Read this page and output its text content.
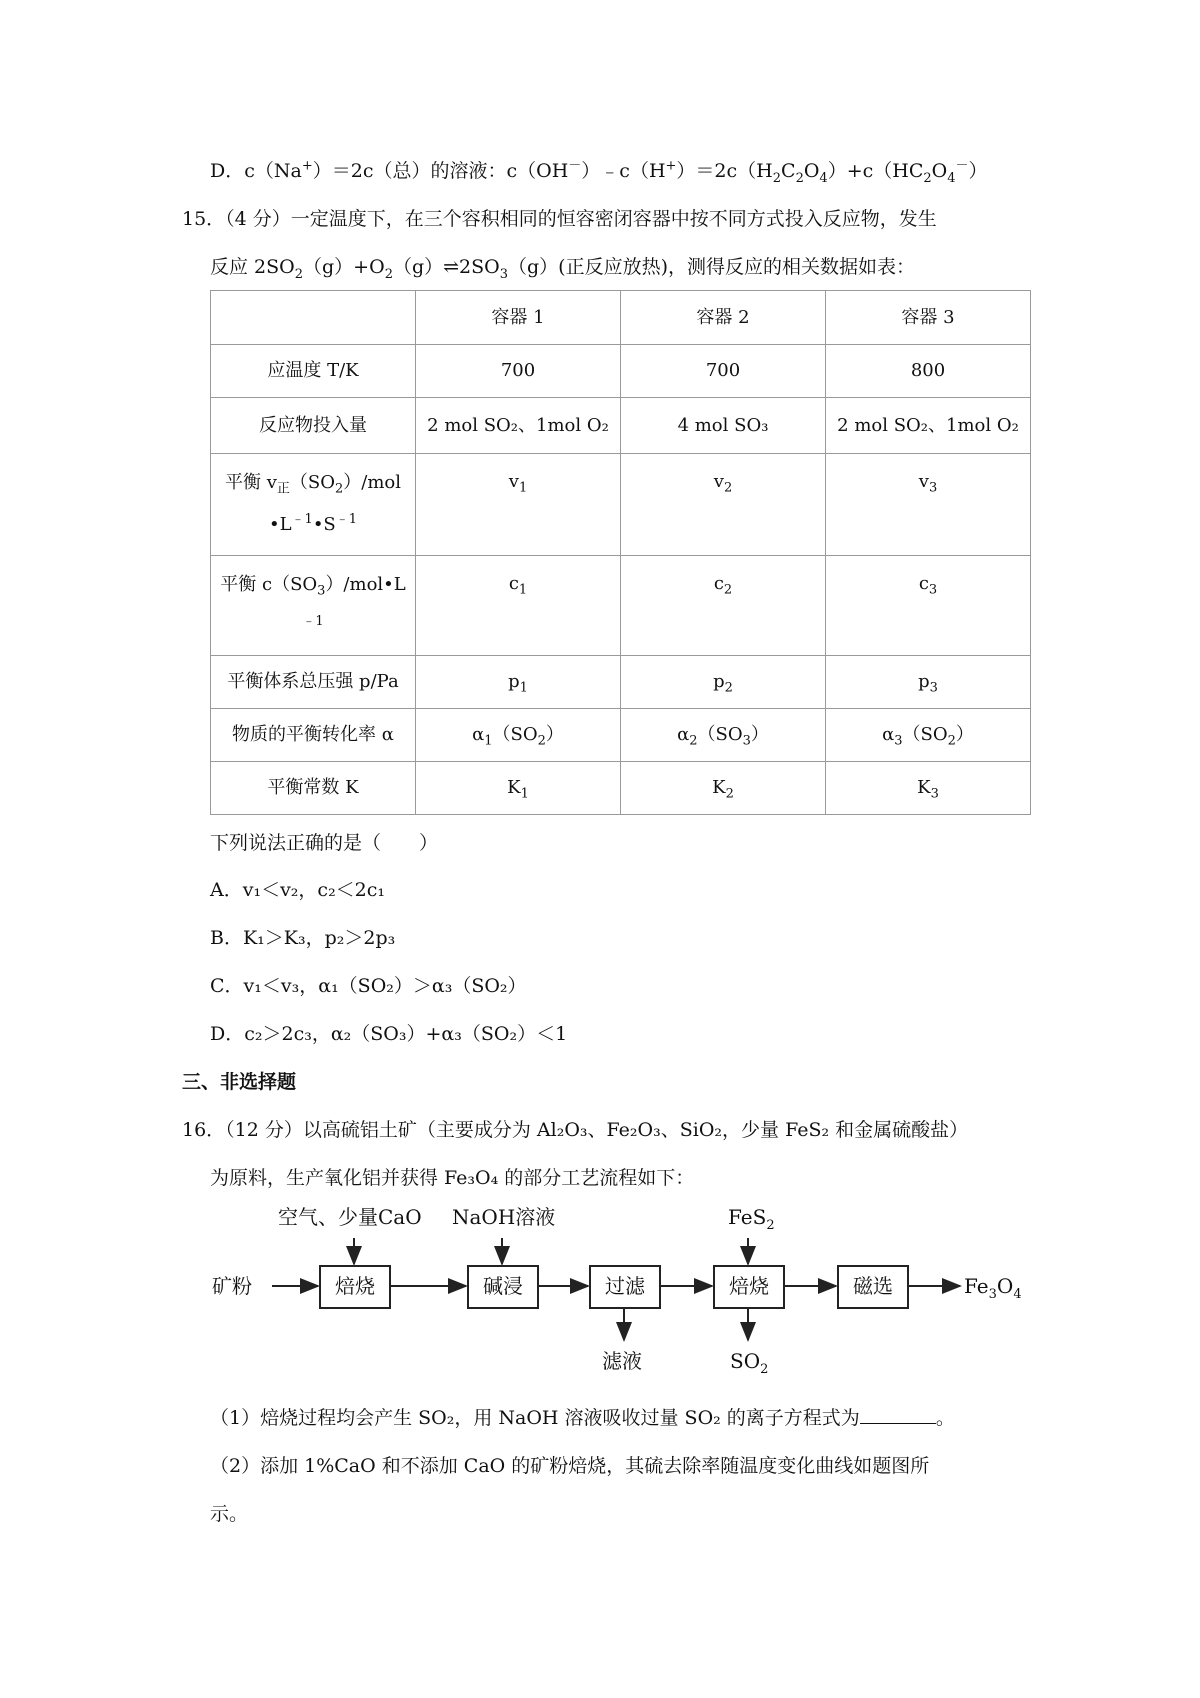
D．c（Na+）＝2c（总）的溶液：$c(OH^-)﹣c(H^+)=2c(H_2C_2O_4)+c(HC_2O_4^-)$
15．（4 分）一定温度下，在三个容积相同的恒容密闭容器中按不同方式投入反应物，发生
反应 $2SO_2(g)+O_2(g)\rightleftharpoons 2SO_3(g)$(正反应放热)，测得反应的相关数据如表：
	容器 1	容器 2	容器 3
应温度 T/K	700	700	800
反应物投入量	2 mol SO₂、1mol O₂	4 mol SO₃	2 mol SO₂、1mol O₂
平衡 $v_正(SO_2)$/mol
$•L^{﹣1}•S^{﹣1}$	$v_1$	$v_2$	$v_3$
平衡 $c(SO_3)/mol•L$
$^{﹣1}$	$c_1$	$c_2$	$c_3$
平衡体系总压强 p/Pa	$p_1$	$p_2$	$p_3$
物质的平衡转化率 α	$\alpha_1(SO_2)$	$\alpha_2(SO_3)$	$\alpha_3(SO_2)$
平衡常数 K	$K_1$	$K_2$	$K_3$
下列说法正确的是（　　）
A．v₁＜v₂，c₂＜2c₁
B．K₁＞K₃，p₂＞2p₃
C．v₁＜v₃，α₁（SO₂）＞α₃（SO₂）
D．c₂＞2c₃，α₂（SO₃）+α₃（SO₂）＜1
三、非选择题
16．（12 分）以高硫铝土矿（主要成分为 Al₂O₃、Fe₂O₃、SiO₂，少量 FeS₂ 和金属硫酸盐）
为原料，生产氧化铝并获得 Fe₃O₄ 的部分工艺流程如下：
矿粉
空气、少量CaO NaOH溶液	FeS$_2$
焙烧	碱浸	过滤	焙烧	磁选	$Fe_3O_4$
滤液	$SO_2$
（1）焙烧过程均会产生 SO₂，用 NaOH 溶液吸收过量 SO₂ 的离子方程式为	。
（2）添加 1%CaO 和不添加 CaO 的矿粉焙烧，其硫去除率随温度变化曲线如题图所
示。
